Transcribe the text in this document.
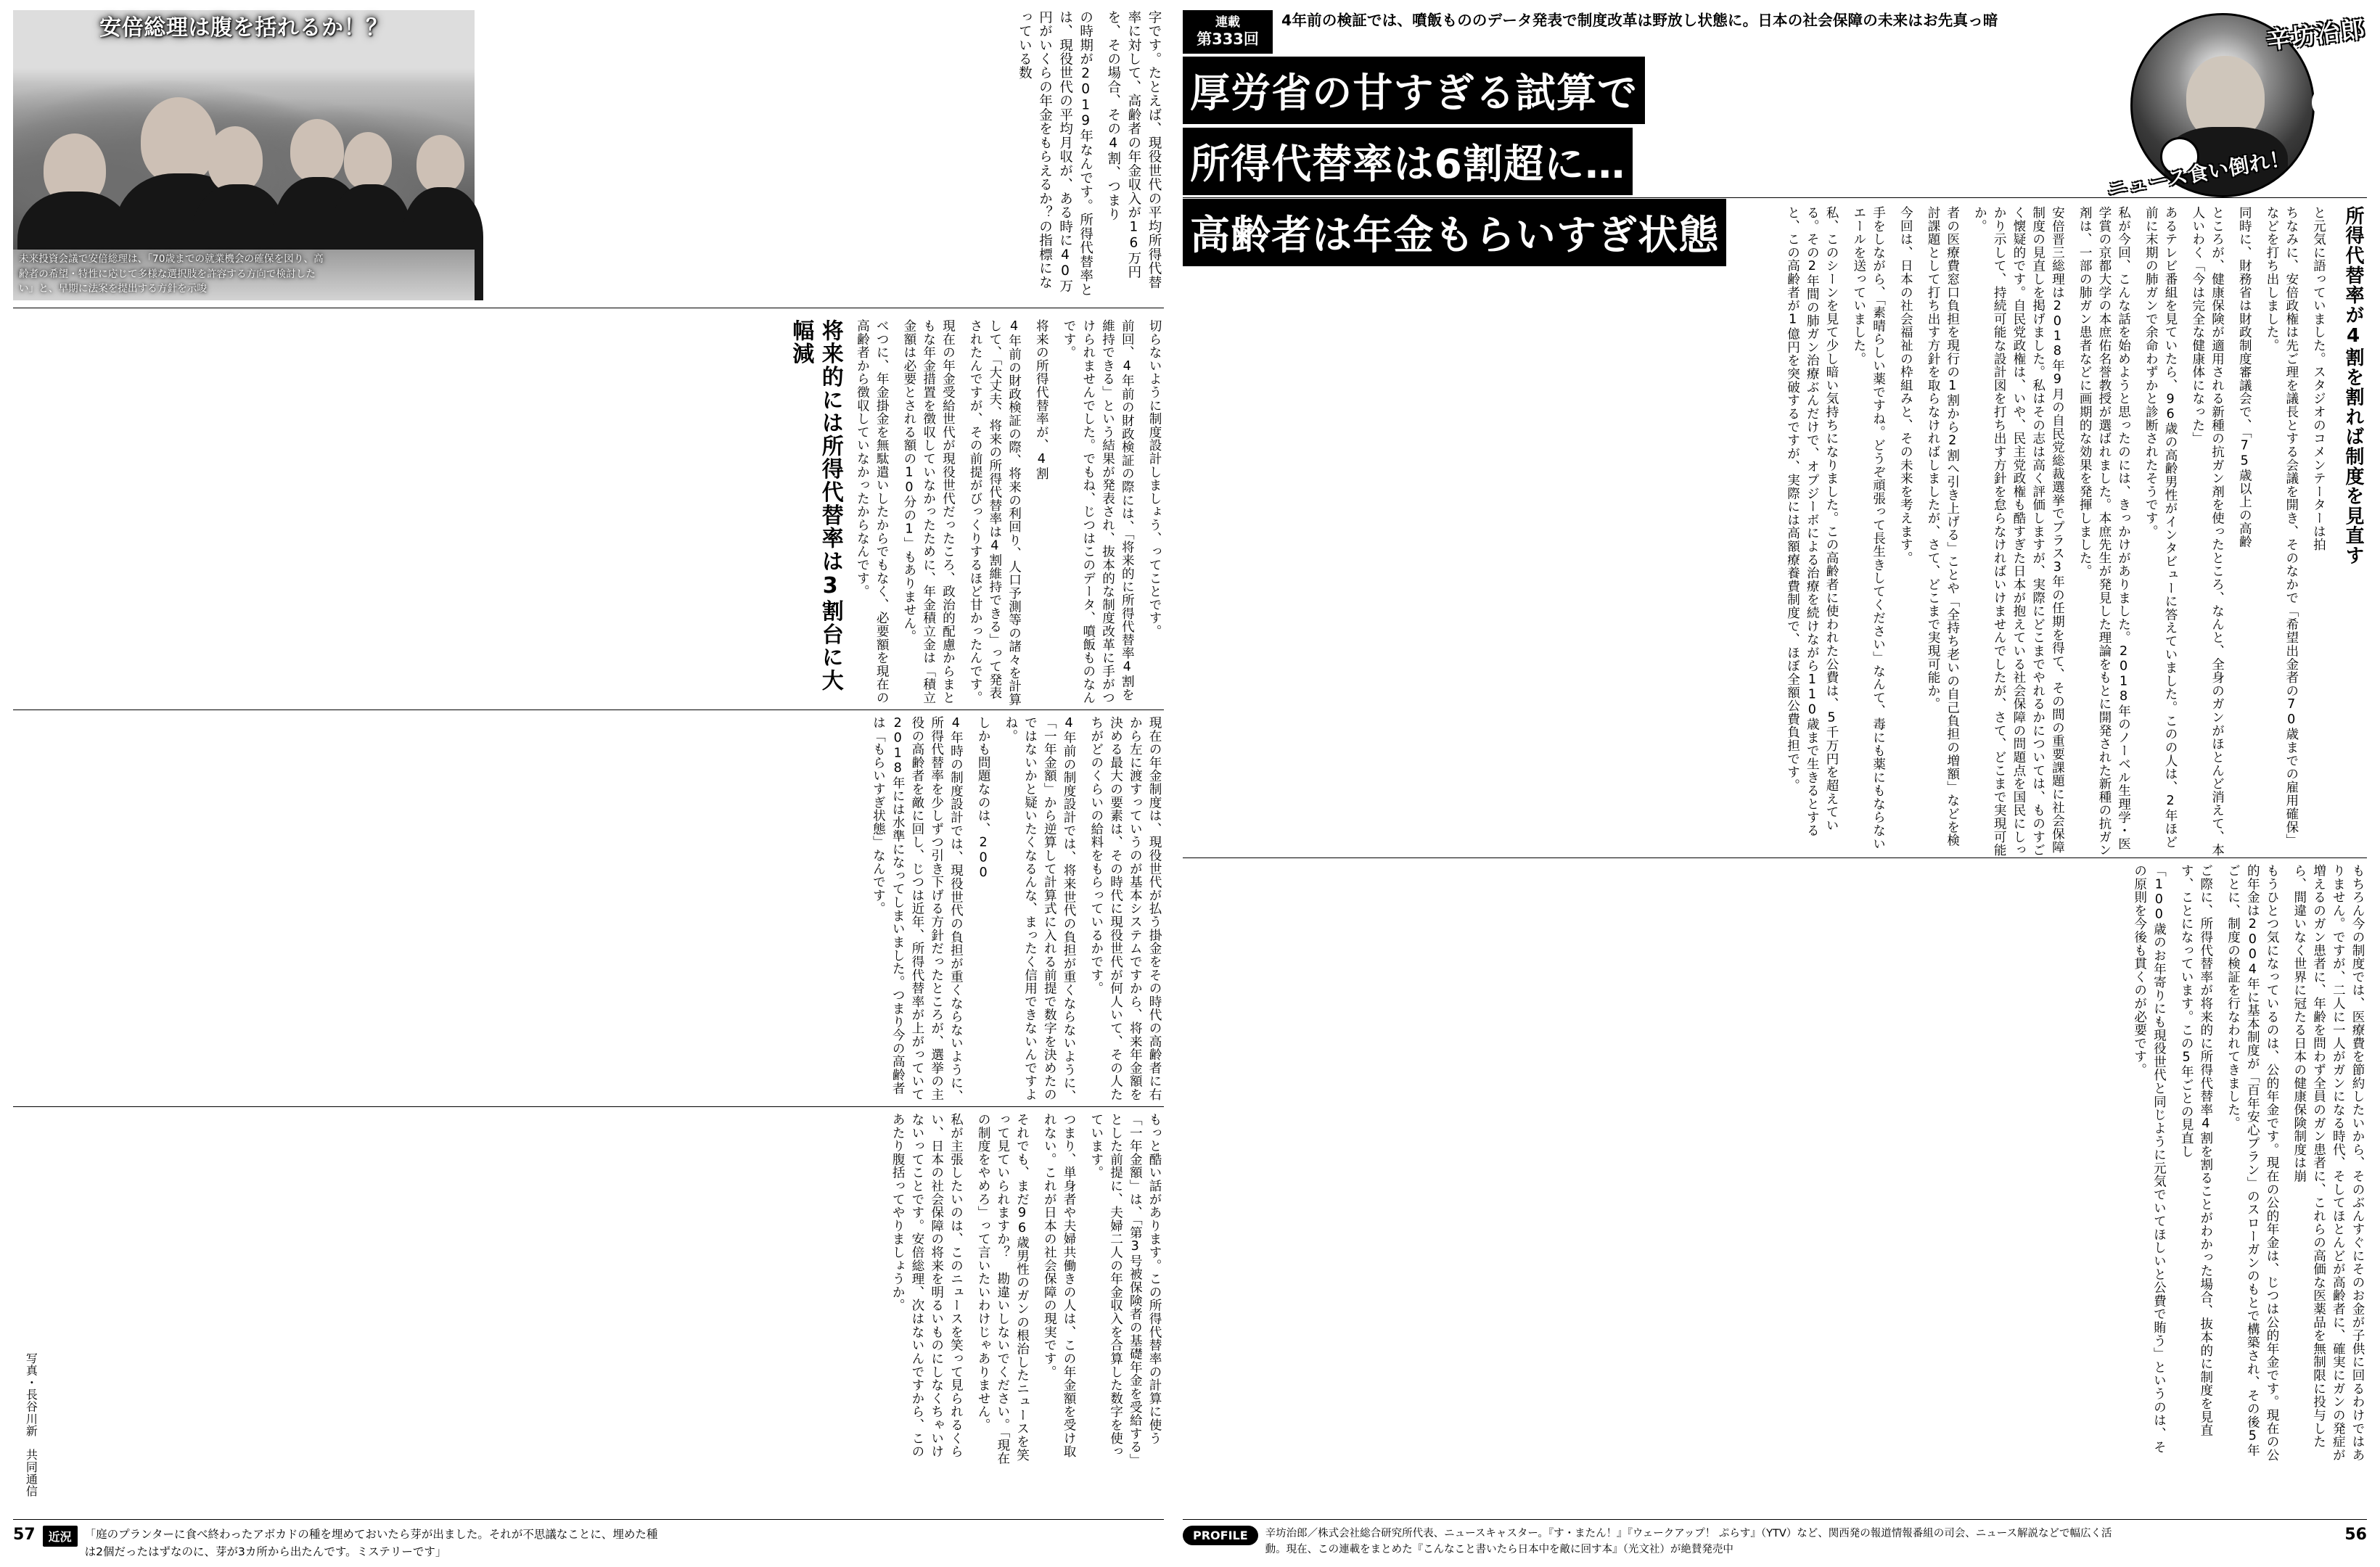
安倍総理は腹を括れるか！？
未来投資会議で安倍総理は、「70歳までの就業機会の確保を図り、高齢者の希望・特性に応じて多様な選択肢を許容する方向で検討したい」と、早期に法案を提出する方針を示唆	の時期が2019年なんです。所得代替率とは、現役世代の平均月収が、ある時に40万円がいくらの年金をもらえるか？の指標になっている数	字です。たとえば、現役世代の平均所得代替率に対して、高齢者の年金収入が16万円を、その場合、その4割、つまり
切らないように制度設計しましょう、ってことです。
前回、4年前の財政検証の際には、「将来的に所得代替率4割を維持できる」という結果が発表され、抜本的な制度改革に手がつけられませんでした。でもね、じつはこのデータ、噴飯ものなんです。
将来の所得代替率が、4割
4年前の財政検証の際、将来の利回り、人口予測等の諸々を計算して、「大丈夫、将来の所得代替率は4割維持できる」って発表されたんですが、その前提がびっくりするほど甘かったんです。
現在の年金受給世代が現役世代だったころ、政治的配慮からまともな年金措置を徴収していなかったために、年金積立金は「積立金額は必要とされる額の10分の1」もありません。
べつに、年金掛金を無駄遣いしたからでもなく、必要額を現在の高齢者から徴収していなかったからなんです。
将来的には所得代替率は3割台に大幅減
現在の年金制度は、現役世代が払う掛金をその時代の高齢者に右から左に渡すっていうのが基本システムですから、将来年金額を決める最大の要素は、その時代に現役世代が何人いて、その人たちがどのくらいの給料をもらっているかです。
4年前の制度設計では、将来世代の負担が重くならないように、「一年金額」から逆算して計算式に入れる前提で数字を決めたのではないかと疑いたくなるんな、まったく信用できないんですよね。
しかも問題なのは、200
4年時の制度設計では、現役世代の負担が重くならないように、所得代替率を少しずつ引き下げる方針だったところが、選挙の主役の高齢者を敵に回し、じつは近年、所得代替率が上がっていて2018年には水準になってしまいました。つまり今の高齢者は「もらいすぎ状態」なんです。
もっと酷い話があります。この所得代替率の計算に使う「一年金額」は、「第3号被保険者の基礎年金を受給する」とした前提に、夫婦二人の年金収入を合算した数字を使っています。
つまり、単身者や夫婦共働きの人は、この年金額を受け取れない。これが日本の社会保障の現実です。
それでも、まだ96歳男性のガンの根治したニュースを笑って見ていられますか？　勘違いしないでください。「現在の制度をやめろ」って言いたいわけじゃありません。
私が主張したいのは、このニュースを笑って見られるくらい、日本の社会保障の将来を明るいものにしなくちゃいけないってことです。安倍総理、次はないんですから、このあたり腹括ってやりましょうか。
写真・長谷川新　共同通信
57	近況	「庭のプランターに食べ終わったアボカドの種を埋めておいたら芽が出ました。それが不思議なことに、埋めた種は2個だったはずなのに、芽が3カ所から出たんです。ミステリーです」
連載
第333回
4年前の検証では、噴飯もののデータ発表で制度改革は野放し状態に。日本の社会保障の未来はお先真っ暗
厚労省の甘すぎる試算で
所得代替率は6割超に…
高齢者は年金もらいすぎ状態
辛坊治郎
✕
ニュース食い倒れ！
所得代替率が4割を割れば制度を見直す
と元気に語っていました。スタジオのコメンテーターは拍
ちなみに、安倍政権は先ご理を議長とする会議を開き、そのなかで「希望出金者の70歳までの雇用確保」などを打ち出しました。
同時に、財務省は財政制度審議会で、「75歳以上の高齢
ところが、健康保険が適用される新種の抗ガン剤を使ったところ、なんと、全身のガンがほとんど消えて、本人いわく「今は完全な健康体になった」
あるテレビ番組を見ていたら、96歳の高齢男性がインタビューに答えていました。このの人は、2年ほど前に末期の肺ガンで余命わずかと診断されたそうです。
私が今回、こんな話を始めようと思ったのには、きっかけがありました。2018年のノーベル生理学・医学賞の京都大学の本庶佑名誉教授が選ばれました。本庶先生が発見した理論をもとに開発された新種の抗ガン剤は、一部の肺ガン患者などに画期的な効果を発揮しました。
安倍晋三総理は2018年9月の自民党総裁選挙でプラス3年の任期を得て、その間の重要課題に社会保障制度の見直しを掲げました。私はその志は高く評価しますが、実際にどこまでやれるかについては、ものすごく懐疑的です。自民党政権は、いや、民主党政権も酷すぎた日本が抱えている社会保障の問題点を国民にしっかり示して、持続可能な設計図を打ち出す方針を怠らなければいけませんでしたが、さて、どこまで実現可能か。
者の医療費窓口負担を現行の1割から2割へ引き上げる」ことや「全持ち老いの自己負担の増額」などを検討課題として打ち出す方針を取らなければしましたが、さて、どこまで実現可能か。
今回は、日本の社会福祉の枠組みと、その未来を考えます。
手をしながら、「素晴らしい薬ですね。どうぞ頑張って長生きしてください」なんて、毒にも薬にもならないエールを送っていました。
私、このシーンを見て少し暗い気持ちになりました。この高齢者に使われた公費は、5千万円を超えている。その2年間の肺ガン治療ぶんだけで、オプジーボによる治療を続けながら110歳まで生きるとすると、この高齢者が1億円を突破するですが、実際には高額療養費制度で、ほぼ全額公費負担です。
もちろん今の制度では、医療費を節約したいから、そのぶんすぐにそのお金が子供に回るわけではありません。ですが、二人に一人がガンになる時代、そしてほとんどが高齢者に、確実にガンの発症が増えるのガン患者に、年齢を問わず全員のガン患者に、これらの高価な医薬品を無制限に投与したら、間違いなく世界に冠たる日本の健康保険制度は崩
もうひとつ気になっているのは、公的年金です。現在の公的年金は、じつは公的年金です。現在の公的年金は2004年に基本制度が「百年安心プラン」のスローガンのもとで構築され、その後5年ごとに、制度の検証を行なわれてきました。
ご際に、所得代替率が将来的に所得代替率4割を割ることがわかった場合、抜本的に制度を見直す、ことになっています。この5年ごとの見直し
「100歳のお年寄りにも現役世代と同じように元気でいてほしいと公費で賄う」というのは、その原則を今後も貫くのが必要です。
PROFILE	辛坊治郎／株式会社総合研究所代表、ニュースキャスター。『す・またん！』『ウェークアップ！ ぷらす』（YTV）など、関西発の報道情報番組の司会、ニュース解説などで幅広く活動。現在、この連載をまとめた『こんなこと書いたら日本中を敵に回す本』（光文社）が絶賛発売中
56
